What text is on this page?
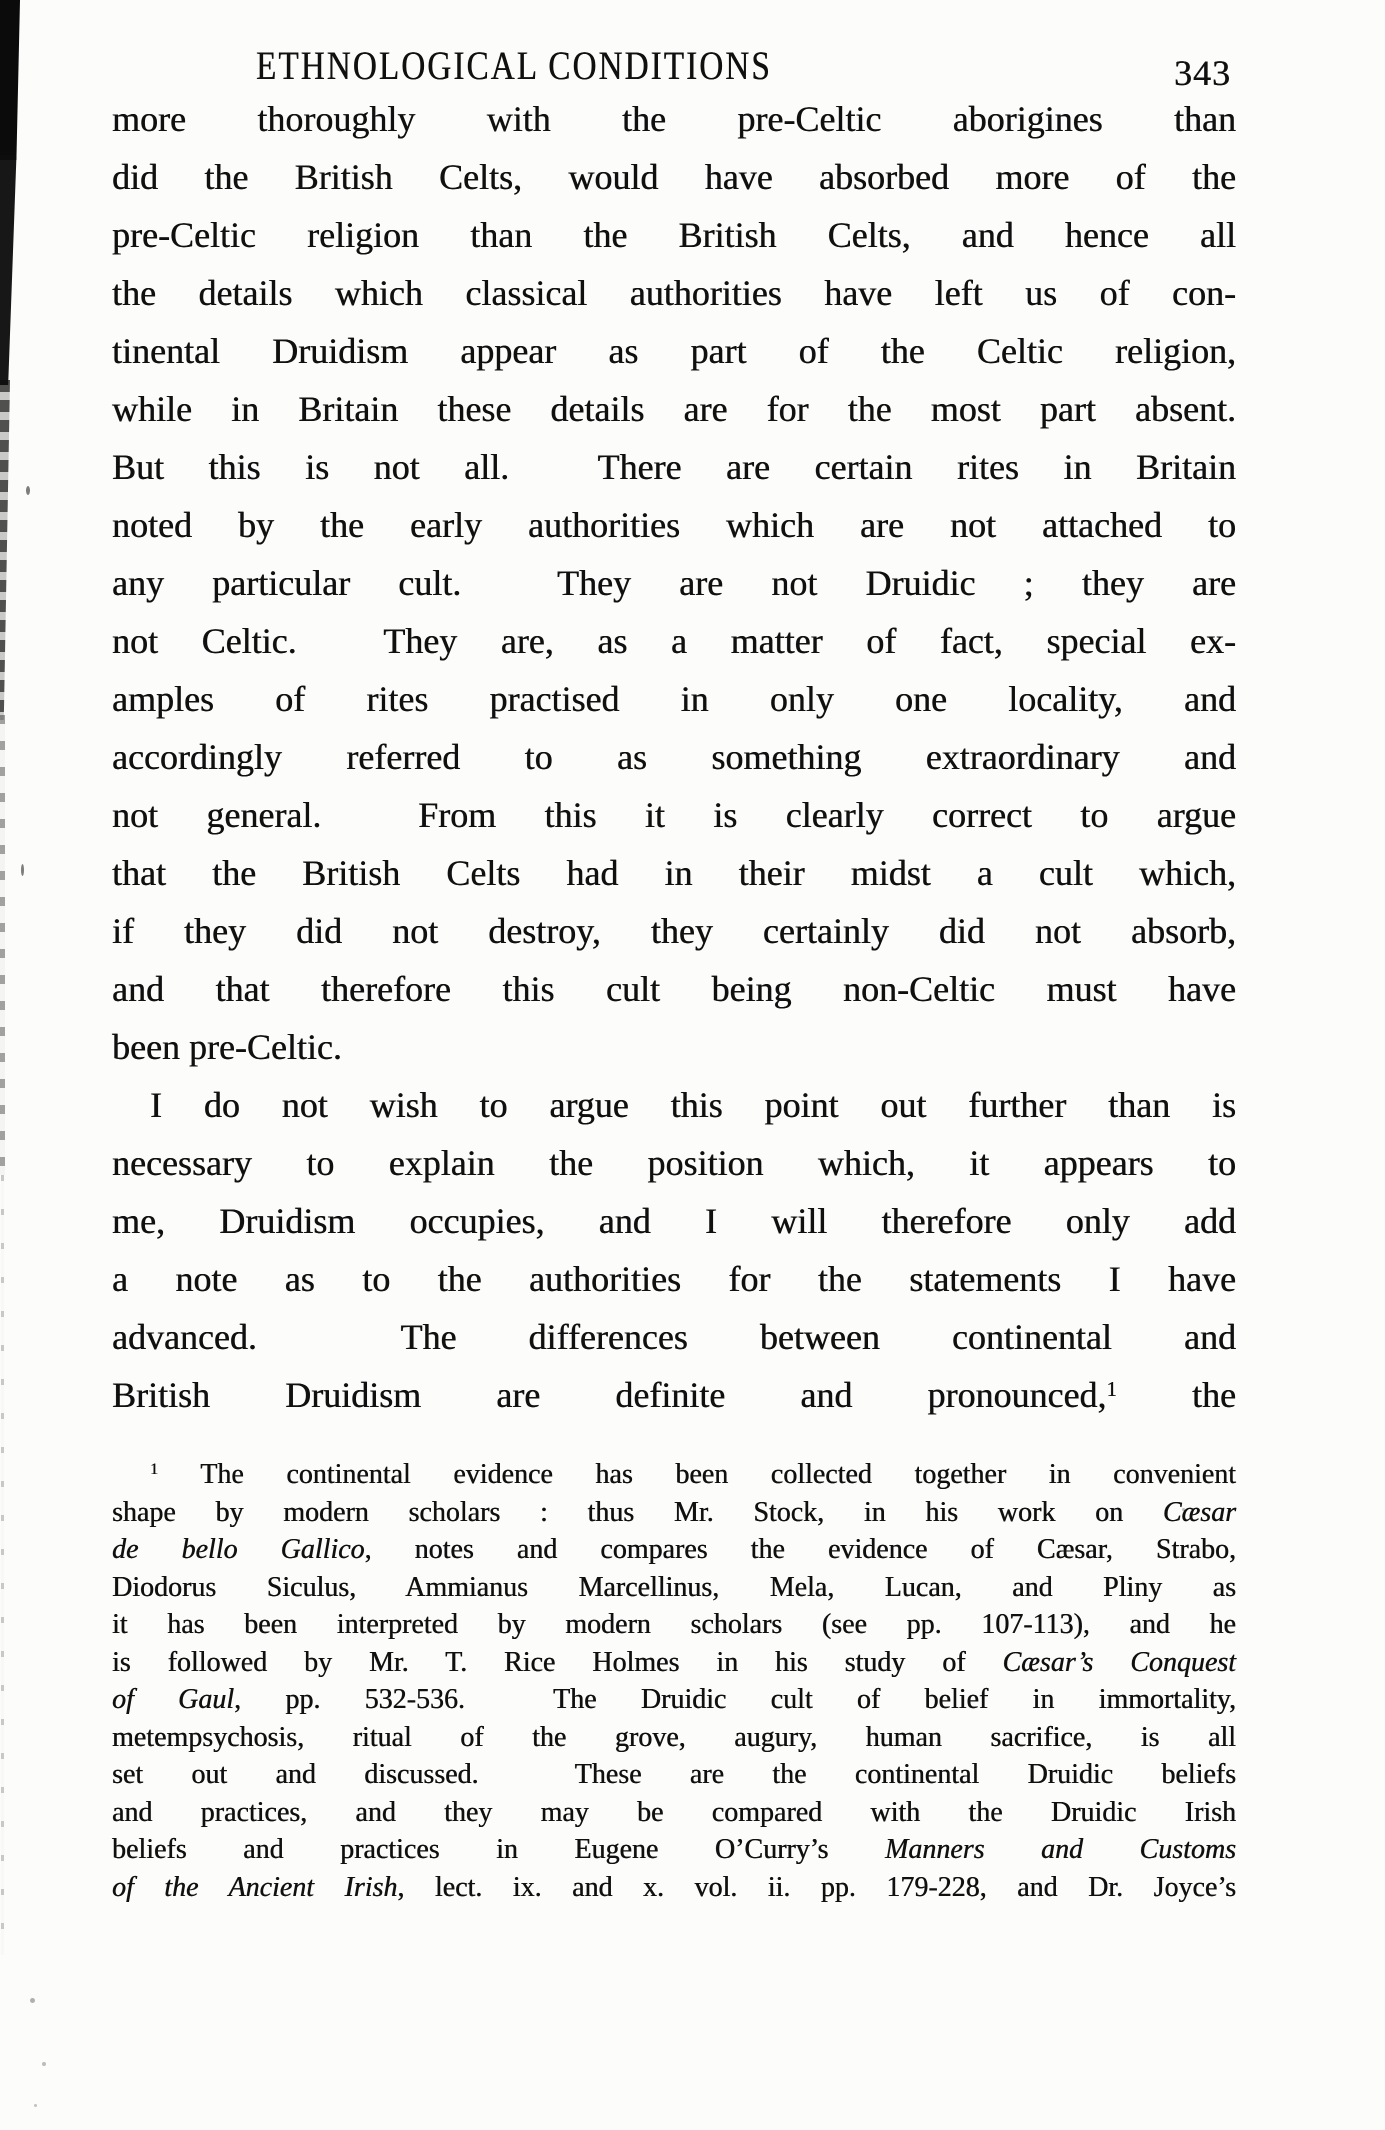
ETHNOLOGICAL CONDITIONS	343
more thoroughly with the pre-Celtic aborigines than
did the British Celts, would have absorbed more of the
pre-Celtic religion than the British Celts, and hence all
the details which classical authorities have left us of con-
tinental Druidism appear as part of the Celtic religion,
while in Britain these details are for the most part absent.
But this is not all.  There are certain rites in Britain
noted by the early authorities which are not attached to
any particular cult.  They are not Druidic ; they are
not Celtic.  They are, as a matter of fact, special ex-
amples of rites practised in only one locality, and
accordingly referred to as something extraordinary and
not general.  From this it is clearly correct to argue
that the British Celts had in their midst a cult which,
if they did not destroy, they certainly did not absorb,
and that therefore this cult being non-Celtic must have
been pre-Celtic.
I do not wish to argue this point out further than is
necessary to explain the position which, it appears to
me, Druidism occupies, and I will therefore only add
a note as to the authorities for the statements I have
advanced.  The differences between continental and
British Druidism are definite and pronounced,$^1$ the
$^1$ The continental evidence has been collected together in convenient
shape by modern scholars : thus Mr. Stock, in his work on Cæsar
de bello Gallico, notes and compares the evidence of Cæsar, Strabo,
Diodorus Siculus, Ammianus Marcellinus, Mela, Lucan, and Pliny as
it has been interpreted by modern scholars (see pp. 107-113), and he
is followed by Mr. T. Rice Holmes in his study of Cæsar’s Conquest
of Gaul, pp. 532-536.  The Druidic cult of belief in immortality,
metempsychosis, ritual of the grove, augury, human sacrifice, is all
set out and discussed.  These are the continental Druidic beliefs
and practices, and they may be compared with the Druidic Irish
beliefs and practices in Eugene O’Curry’s Manners and Customs
of the Ancient Irish, lect. ix. and x. vol. ii. pp. 179-228, and Dr. Joyce’s
